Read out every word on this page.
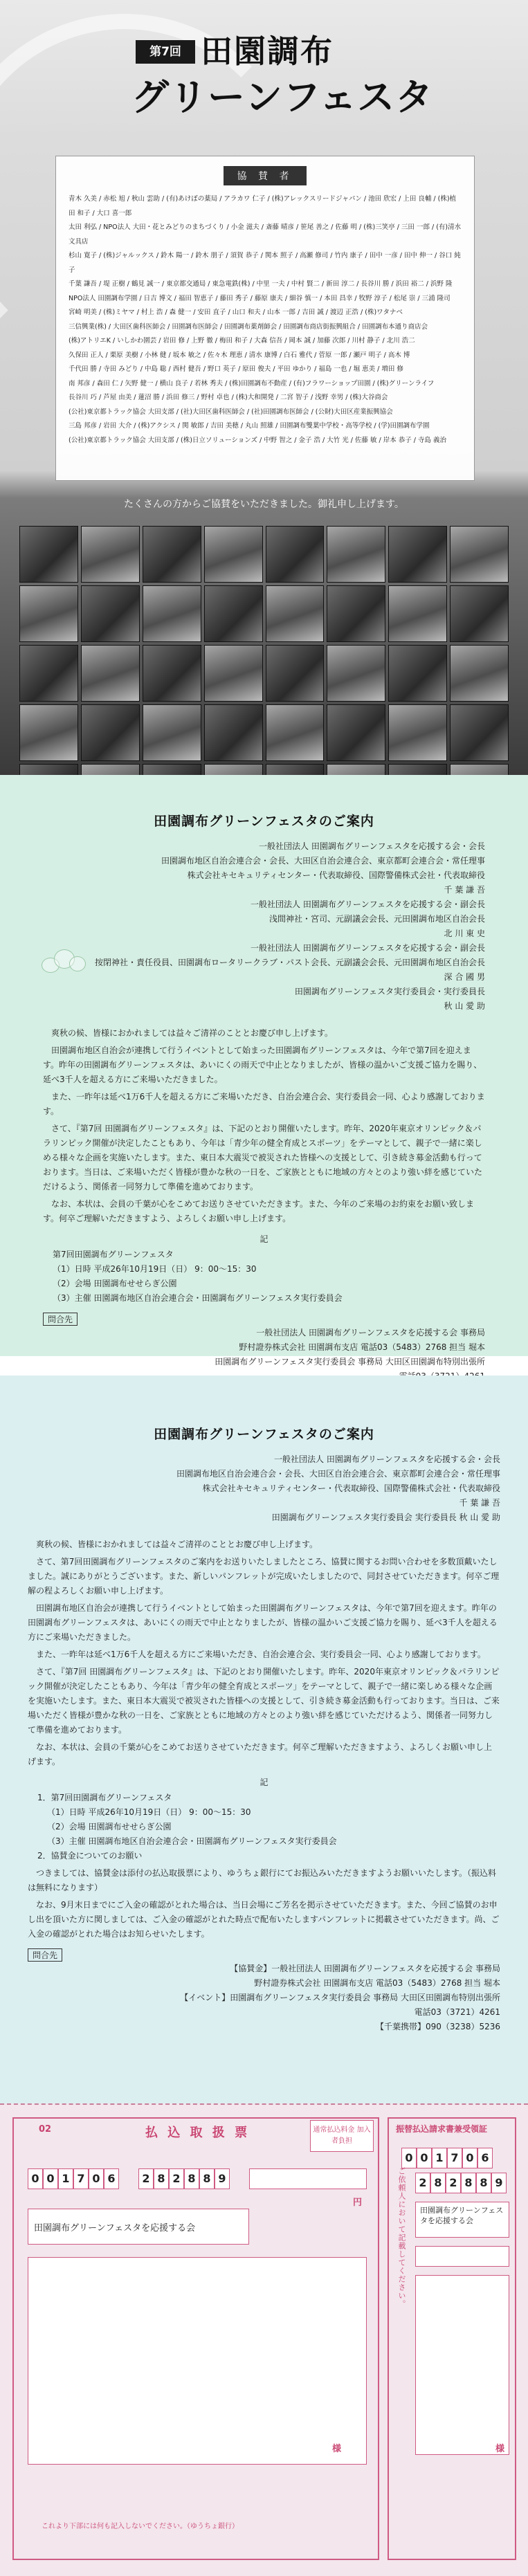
第7回 田園調布
グリーンフェスタ
協 賛 者
青木 久美 / 赤松 旭 / 秋山 雲助 / (有)あけぼの薬局 / アラカワ 仁子 / (株)アレックスリードジャパン / 池田 欣宏 / 上田 良輔 / (株)植田 和子 / 大口 喜一郎
太田 利弘 / NPO法人 大田・花とみどりのまちづくり / 小金 滋夫 / 斎藤 晴彦 / 笹尾 善之 / 佐藤 明 / (株)三笑亭 / 三田 一郎 / (有)清水文具店
杉山 寛子 / (株)ジャルックス / 鈴木 陽一 / 鈴木 朋子 / 須賀 恭子 / 関本 照子 / 高瀬 修司 / 竹内 康子 / 田中 一彦 / 田中 伸一 / 谷口 純子
千葉 謙吾 / 堤 正樹 / 鶴見 誠一 / 東京都交通局 / 東急電鉄(株) / 中里 一夫 / 中村 賢二 / 新田 淳二 / 長谷川 勝 / 浜田 裕二 / 浜野 隆
NPO法人 田園調布学園 / 日吉 博文 / 福田 智恵子 / 藤田 秀子 / 藤原 康夫 / 細谷 慎一 / 本田 昌幸 / 牧野 淳子 / 松尾 崇 / 三浦 隆司
宮崎 明美 / (株)ミヤマ / 村上 浩 / 森 健一 / 安田 直子 / 山口 和夫 / 山本 一郎 / 吉田 誠 / 渡辺 正浩 / (株)ワタナベ
三信興業(株) / 大田区歯科医師会 / 田園調布医師会 / 田園調布薬剤師会 / 田園調布商店街振興組合 / 田園調布本通り商店会
(株)アトリエK / いしかわ園芸 / 岩田 修 / 上野 徹 / 梅田 和子 / 大森 信吾 / 岡本 誠 / 加藤 次郎 / 川村 静子 / 北川 浩二
久保田 正人 / 栗原 美樹 / 小林 健 / 坂本 敏之 / 佐々木 理恵 / 清水 康博 / 白石 雅代 / 菅原 一郎 / 瀬戸 明子 / 高木 博
千代田 勝 / 寺田 みどり / 中島 聡 / 西村 健吾 / 野口 英子 / 原田 俊夫 / 平田 ゆかり / 福島 一也 / 堀 恵美 / 増田 修
南 邦彦 / 森田 仁 / 矢野 健一 / 横山 良子 / 若林 秀夫 / (株)田園調布不動産 / (有)フラワーショップ田園 / (株)グリーンライフ
長谷川 巧 / 芦屋 由美 / 蓮沼 勝 / 浜田 修三 / 野村 卓也 / (株)大和開発 / 二宮 智子 / 浅野 幸男 / (株)大谷商会
(公社)東京都トラック協会 大田支部 / (社)大田区歯科医師会 / (社)田園調布医師会 / (公財)大田区産業振興協会
三島 邦彦 / 岩田 大介 / (株)アクシス / 関 敏郎 / 吉田 美穂 / 丸山 照雄 / 田園調布雙葉中学校・高等学校 / (学)田園調布学園
(公社)東京都トラック協会 大田支部 / (株)日立ソリューションズ / 中野 智之 / 金子 浩 / 大竹 光 / 佐藤 敏 / 岸本 恭子 / 寺島 義治
たくさんの方からご協賛をいただきました。御礼申し上げます。
田園調布グリーンフェスタのご案内
一般社団法人 田園調布グリーンフェスタを応援する会・会長
田園調布地区自治会連合会・会長、大田区自治会連合会、東京都町会連合会・常任理事
株式会社キセキュリティセンター・代表取締役、国際警備株式会社・代表取締役
千 葉 謙 吾
一般社団法人 田園調布グリーンフェスタを応援する会・副会長
浅間神社・宮司、元副議会会長、元田園調布地区自治会長
北 川 東 史
一般社団法人 田園調布グリーンフェスタを応援する会・副会長
按閉神社・責任役員、田園調布ロータリークラブ・パスト会長、元副議会会長、元田園調布地区自治会長
深 合 國 男
田園調布グリーンフェスタ実行委員会・実行委員長
秋 山 愛 助
爽秋の候、皆様におかれましては益々ご清祥のこととお慶び申し上げます。
田園調布地区自治会が連携して行うイベントとして始まった田園調布グリーンフェスタは、今年で第7回を迎えます。昨年の田園調布グリーンフェスタは、あいにくの雨天で中止となりましたが、皆様の温かいご支援ご協力を賜り、延べ3千人を超える方にご来場いただきました。
また、一昨年は延べ1万6千人を超える方にご来場いただき、自治会連合会、実行委員会一同、心より感謝しております。
さて、『第7回 田園調布グリーンフェスタ』は、下記のとおり開催いたします。昨年、2020年東京オリンピック＆パラリンピック開催が決定したこともあり、今年は「青少年の健全育成とスポーツ」をテーマとして、親子で一緒に楽しめる様々な企画を実施いたします。また、東日本大震災で被災された皆様への支援として、引き続き募金活動も行っております。当日は、ご来場いただく皆様が豊かな秋の一日を、ご家族とともに地域の方々とのより強い絆を感じていただけるよう、関係者一同努力して準備を進めております。
なお、本状は、会員の千葉が心をこめてお送りさせていただきます。また、今年のご来場のお約束をお願い致します。何卒ご理解いただきますよう、よろしくお願い申し上げます。
記
第7回田園調布グリーンフェスタ
（1）日時 平成26年10月19日（日） 9：00～15：30
（2）会場 田園調布せせらぎ公園
（3）主催 田園調布地区自治会連合会・田園調布グリーンフェスタ実行委員会
問合先
一般社団法人 田園調布グリーンフェスタを応援する会 事務局
野村證券株式会社 田園調布支店 電話03（5483）2768 担当 堀本
田園調布グリーンフェスタ実行委員会 事務局 大田区田園調布特別出張所
田園調布グリーンフェスタのご案内
一般社団法人 田園調布グリーンフェスタを応援する会・会長
田園調布地区自治会連合会・会長、大田区自治会連合会、東京都町会連合会・常任理事
株式会社キセキュリティセンター・代表取締役、国際警備株式会社・代表取締役
千 葉 謙 吾
田園調布グリーンフェスタ実行委員会 実行委員長 秋 山 愛 助
爽秋の候、皆様におかれましては益々ご清祥のこととお慶び申し上げます。
さて、第7回田園調布グリーンフェスタのご案内をお送りいたしましたところ、協賛に関するお問い合わせを多数頂戴いたしました。誠にありがとうございます。また、新しいパンフレットが完成いたしましたので、同封させていただきます。何卒ご理解の程よろしくお願い申し上げます。
田園調布地区自治会が連携して行うイベントとして始まった田園調布グリーンフェスタは、今年で第7回を迎えます。昨年の田園調布グリーンフェスタは、あいにくの雨天で中止となりましたが、皆様の温かいご支援ご協力を賜り、延べ3千人を超える方にご来場いただきました。
また、一昨年は延べ1万6千人を超える方にご来場いただき、自治会連合会、実行委員会一同、心より感謝しております。
さて、『第7回 田園調布グリーンフェスタ』は、下記のとおり開催いたします。昨年、2020年東京オリンピック＆パラリンピック開催が決定したこともあり、今年は「青少年の健全育成とスポーツ」をテーマとして、親子で一緒に楽しめる様々な企画を実施いたします。また、東日本大震災で被災された皆様への支援として、引き続き募金活動も行っております。当日は、ご来場いただく皆様が豊かな秋の一日を、ご家族とともに地域の方々とのより強い絆を感じていただけるよう、関係者一同努力して準備を進めております。
なお、本状は、会員の千葉が心をこめてお送りさせていただきます。何卒ご理解いただきますよう、よろしくお願い申し上げます。
記
1．第7回田園調布グリーンフェスタ
（1）日時 平成26年10月19日（日） 9：00～15：30
（2）会場 田園調布せせらぎ公園
（3）主催 田園調布地区自治会連合会・田園調布グリーンフェスタ実行委員会
2．協賛金についてのお願い
つきましては、協賛金は添付の払込取扱票により、ゆうちょ銀行にてお振込みいただきますようお願いいたします。（振込料は無料になります）
なお、9月末日までにご入金の確認がとれた場合は、当日会場にご芳名を掲示させていただきます。また、今回ご協賛のお申し出を頂いた方に関しましては、ご入金の確認がとれた時点で配布いたしますパンフレットに掲載させていただきます。尚、ご入金の確認がとれた場合はお知らせいたします。
問合先
【協賛金】一般社団法人 田園調布グリーンフェスタを応援する会 事務局
野村證券株式会社 田園調布支店 電話03（5483）2768 担当 堀本
【イベント】田園調布グリーンフェスタ実行委員会 事務局 大田区田園調布特別出張所
電話03（3721）4261
【千葉携帯】090（3238）5236
02	払 込 取 扱 票	通常払込料金 加入者負担
0 0 1 7 0 6	2 8 2 8 8 9
円
田園調布グリーンフェスタを応援する会
様
これより下部には何も記入しないでください。（ゆうちょ銀行）
振替払込請求書兼受領証
0 0 1 7 0 6
2 8 2 8 8 9
田園調布グリーンフェスタを応援する会
様
ご依頼人において記載してください。
